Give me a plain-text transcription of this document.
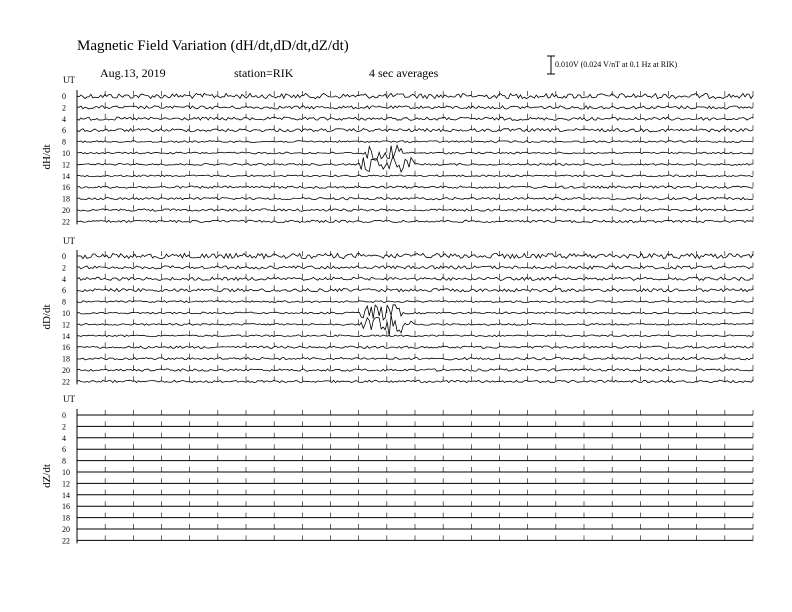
Magnetic Field Variation (dH/dt,dD/dt,dZ/dt)
Aug.13, 2019	station=RIK	4 sec averages
0.010V (0.024 V/nT at 0.1 Hz at RIK)
UT
dH/dt
0
2
4
6
8
10
12
14
16
18
20
22
UT
dD/dt
0
2
4
6
8
10
12
14
16
18
20
22
UT
dZ/dt
0
2
4
6
8
10
12
14
16
18
20
22
